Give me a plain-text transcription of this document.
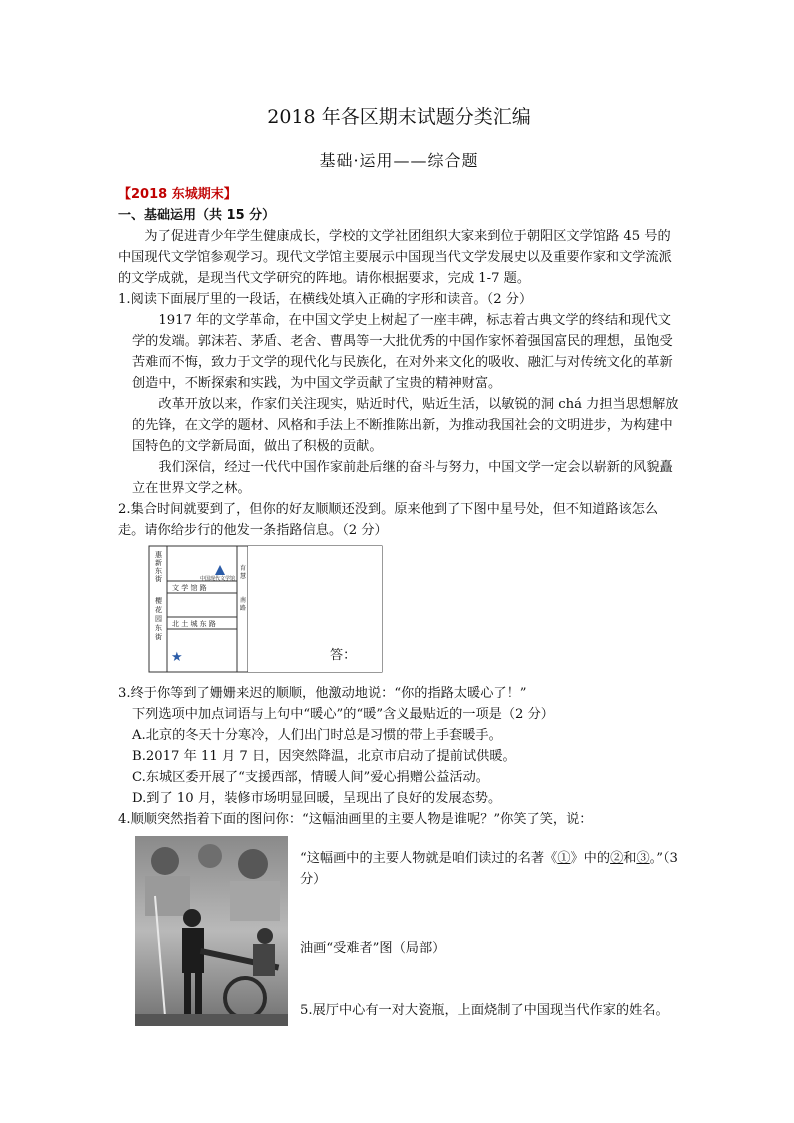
2018 年各区期末试题分类汇编

基础·运用——综合题

【2018 东城期末】

一、基础运用（共 15 分）

为了促进青少年学生健康成长，学校的文学社团组织大家来到位于朝阳区文学馆路 45 号的中国现代文学馆参观学习。现代文学馆主要展示中国现当代文学发展史以及重要作家和文学流派的文学成就，是现当代文学研究的阵地。请你根据要求，完成 1-7 题。

1.阅读下面展厅里的一段话，在横线处填入正确的字形和读音。（2 分）

1917 年的文学革命，在中国文学史上树起了一座丰碑，标志着古典文学的终结和现代文学的发端。郭沫若、茅盾、老舍、曹禺等一大批优秀的中国作家怀着强国富民的理想，虽饱受苦难而不悔，致力于文学的现代化与民族化，在对外来文化的吸收、融汇与对传统文化的革新创造中，不断探索和实践，为中国文学贡献了宝贵的精神财富。

改革开放以来，作家们关注现实，贴近时代，贴近生活，以敏锐的洞 chá 力担当思想解放的先锋，在文学的题材、风格和手法上不断推陈出新，为推动我国社会的文明进步，为构建中国特色的文学新局面，做出了积极的贡献。

我们深信，经过一代代中国作家前赴后继的奋斗与努力，中国文学一定会以崭新的风貌矗立在世界文学之林。

2.集合时间就要到了，但你的好友顺顺还没到。原来他到了下图中星号处，但不知道路该怎么走。请你给步行的他发一条指路信息。（2 分）

中国现代文学馆
文 学 馆 路
北 土 城 东 路
惠
新
东
街
樱
花
园
东
街
育
慧
南
路
★	答：

3.终于你等到了姗姗来迟的顺顺，他激动地说：“你的指路太暖心了！”

下列选项中加点词语与上句中“暖心”的“暖”含义最贴近的一项是（2 分）

A.北京的冬天十分寒冷，人们出门时总是习惯的带上手套暖手。

B.2017 年 11 月 7 日，因突然降温，北京市启动了提前试供暖。

C.东城区委开展了“支援西部，情暖人间”爱心捐赠公益活动。

D.到了 10 月，装修市场明显回暖，呈现出了良好的发展态势。

4.顺顺突然指着下面的图问你：“这幅油画里的主要人物是谁呢？”你笑了笑，说：

“这幅画中的主要人物就是咱们读过的名著《①》中的②和③。”（3 分）

油画“受难者”图（局部）

5.展厅中心有一对大瓷瓶，上面烧制了中国现当代作家的姓名。
